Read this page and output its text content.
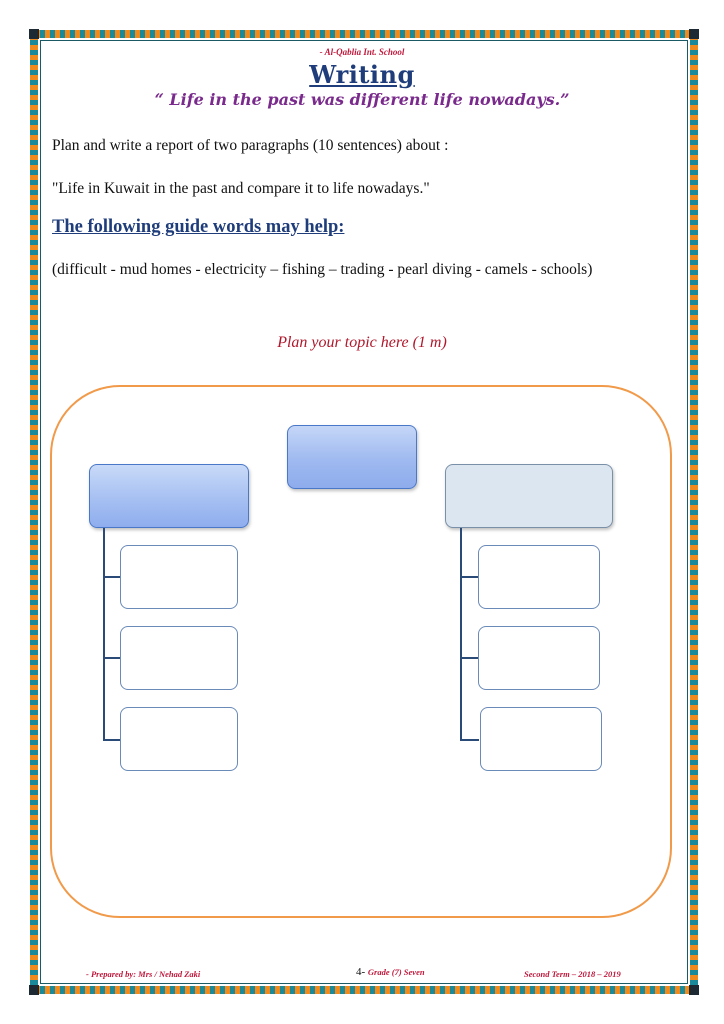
- Al-Qablia Int. School
Writing
“ Life in the past was different life nowadays.”
Plan and write a report of two paragraphs (10 sentences) about :
"Life in Kuwait in the past and compare it to life nowadays."
The following guide words may help:
(difficult - mud homes - electricity – fishing – trading - pearl diving - camels - schools)
Plan your topic here (1 m)
- Prepared by: Mrs / Nehad Zaki	4- Grade (7) Seven	Second Term – 2018 – 2019
